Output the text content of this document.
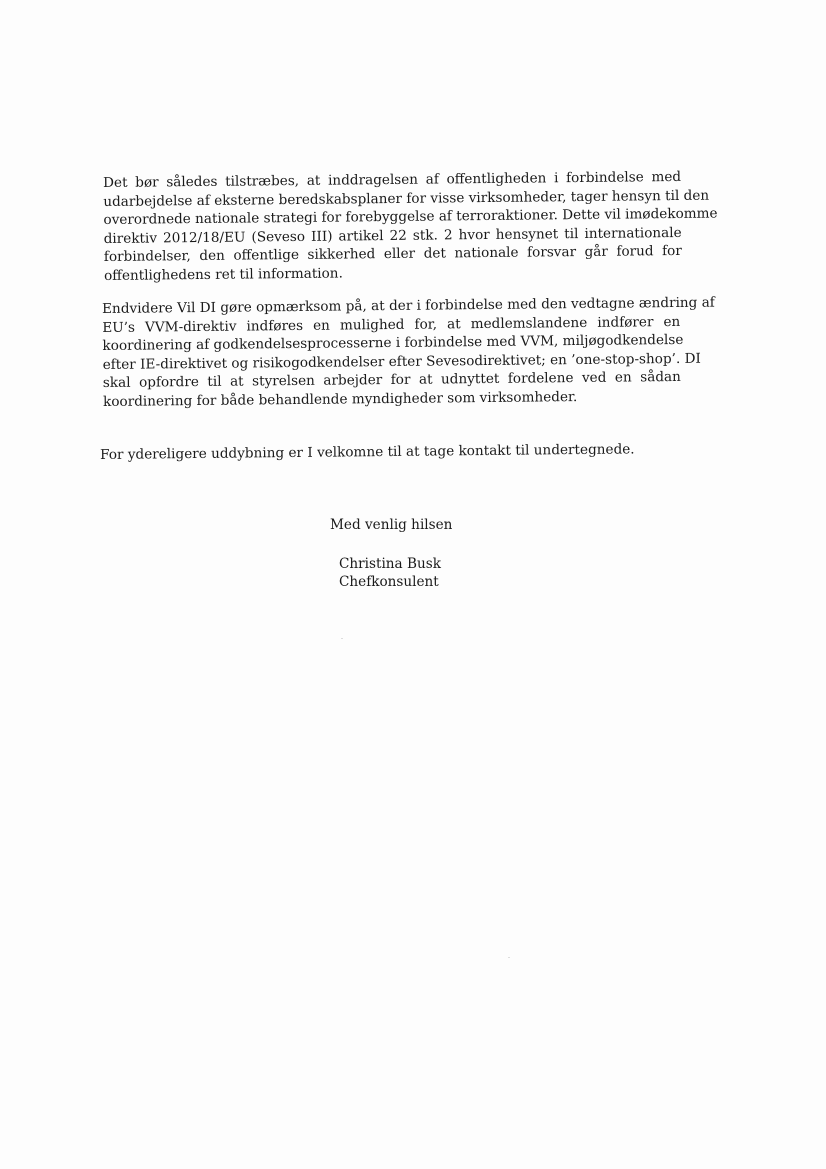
Det bør således tilstræbes, at inddragelsen af offentligheden i forbindelse med
udarbejdelse af eksterne beredskabsplaner for visse virksomheder, tager hensyn til den
overordnede nationale strategi for forebyggelse af terroraktioner. Dette vil imødekomme
direktiv 2012/18/EU (Seveso III) artikel 22 stk. 2 hvor hensynet til internationale
forbindelser, den offentlige sikkerhed eller det nationale forsvar går forud for
offentlighedens ret til information.

Endvidere Vil DI gøre opmærksom på, at der i forbindelse med den vedtagne ændring af
EU’s VVM-direktiv indføres en mulighed for, at medlemslandene indfører en
koordinering af godkendelsesprocesserne i forbindelse med VVM, miljøgodkendelse
efter IE-direktivet og risikogodkendelser efter Sevesodirektivet; en ’one-stop-shop’. DI
skal opfordre til at styrelsen arbejder for at udnyttet fordelene ved en sådan
koordinering for både behandlende myndigheder som virksomheder.

For ydereligere uddybning er I velkomne til at tage kontakt til undertegnede.

Med venlig hilsen
Christina Busk
Chefkonsulent
